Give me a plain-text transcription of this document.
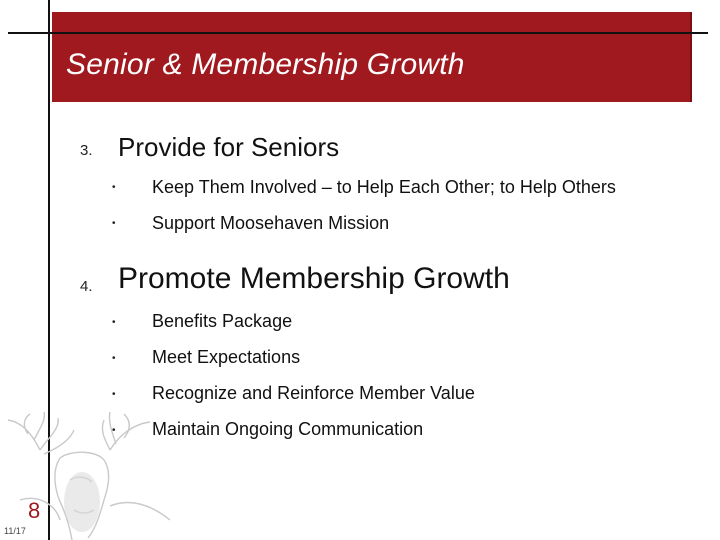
Senior & Membership Growth
3. Provide for Seniors
• Keep Them Involved – to Help Each Other; to Help Others
• Support Moosehaven Mission
4. Promote Membership Growth
• Benefits Package
• Meet Expectations
• Recognize and Reinforce Member Value
• Maintain Ongoing Communication
8
11/17
